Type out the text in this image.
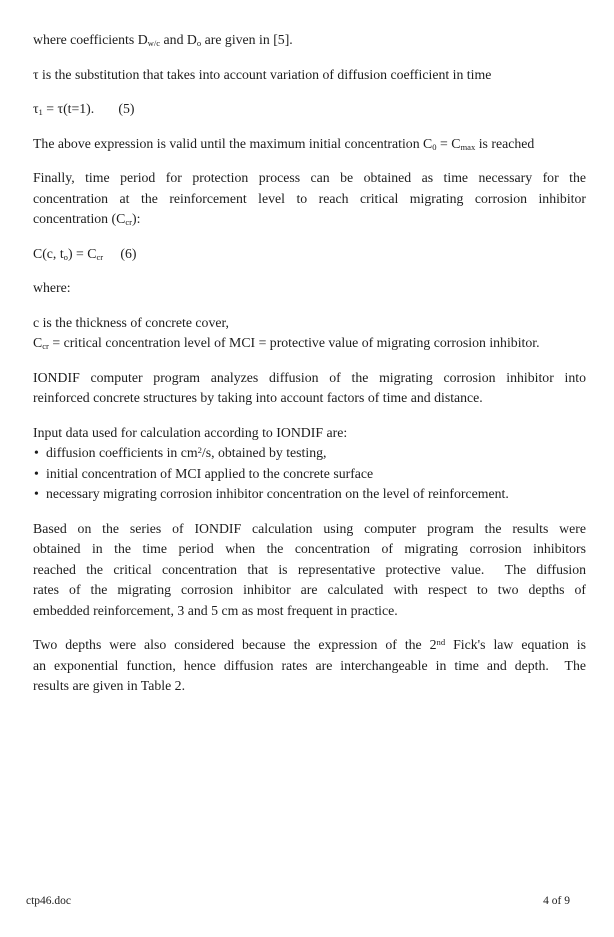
where coefficients $D_{w/c}$ and $D_o$ are given in [5].
τ is the substitution that takes into account variation of diffusion coefficient in time
$\tau_1 = \tau(t=1)$.       (5)
The above expression is valid until the maximum initial concentration $C_0 = C_{max}$ is reached
Finally, time period for protection process can be obtained as time necessary for the
concentration at the reinforcement level to reach critical migrating corrosion inhibitor
concentration $(C_{cr})$:
C(c, $t_o) = C_{cr}$     (6)
where:
c is the thickness of concrete cover,
$C_{cr}$ = critical concentration level of MCI = protective value of migrating corrosion inhibitor.
IONDIF computer program analyzes diffusion of the migrating corrosion inhibitor into
reinforced concrete structures by taking into account factors of time and distance.
Input data used for calculation according to IONDIF are:
• diffusion coefficients in $cm^2/s$, obtained by testing,
• initial concentration of MCI applied to the concrete surface
• necessary migrating corrosion inhibitor concentration on the level of reinforcement.
Based on the series of IONDIF calculation using computer program the results were
obtained in the time period when the concentration of migrating corrosion inhibitors
reached the critical concentration that is representative protective value.  The diffusion
rates of the migrating corrosion inhibitor are calculated with respect to two depths of
embedded reinforcement, 3 and 5 cm as most frequent in practice.
Two depths were also considered because the expression of the 2nd Fick's law equation is
an exponential function, hence diffusion rates are interchangeable in time and depth.  The
results are given in Table 2.
ctp46.doc	4 of 9
